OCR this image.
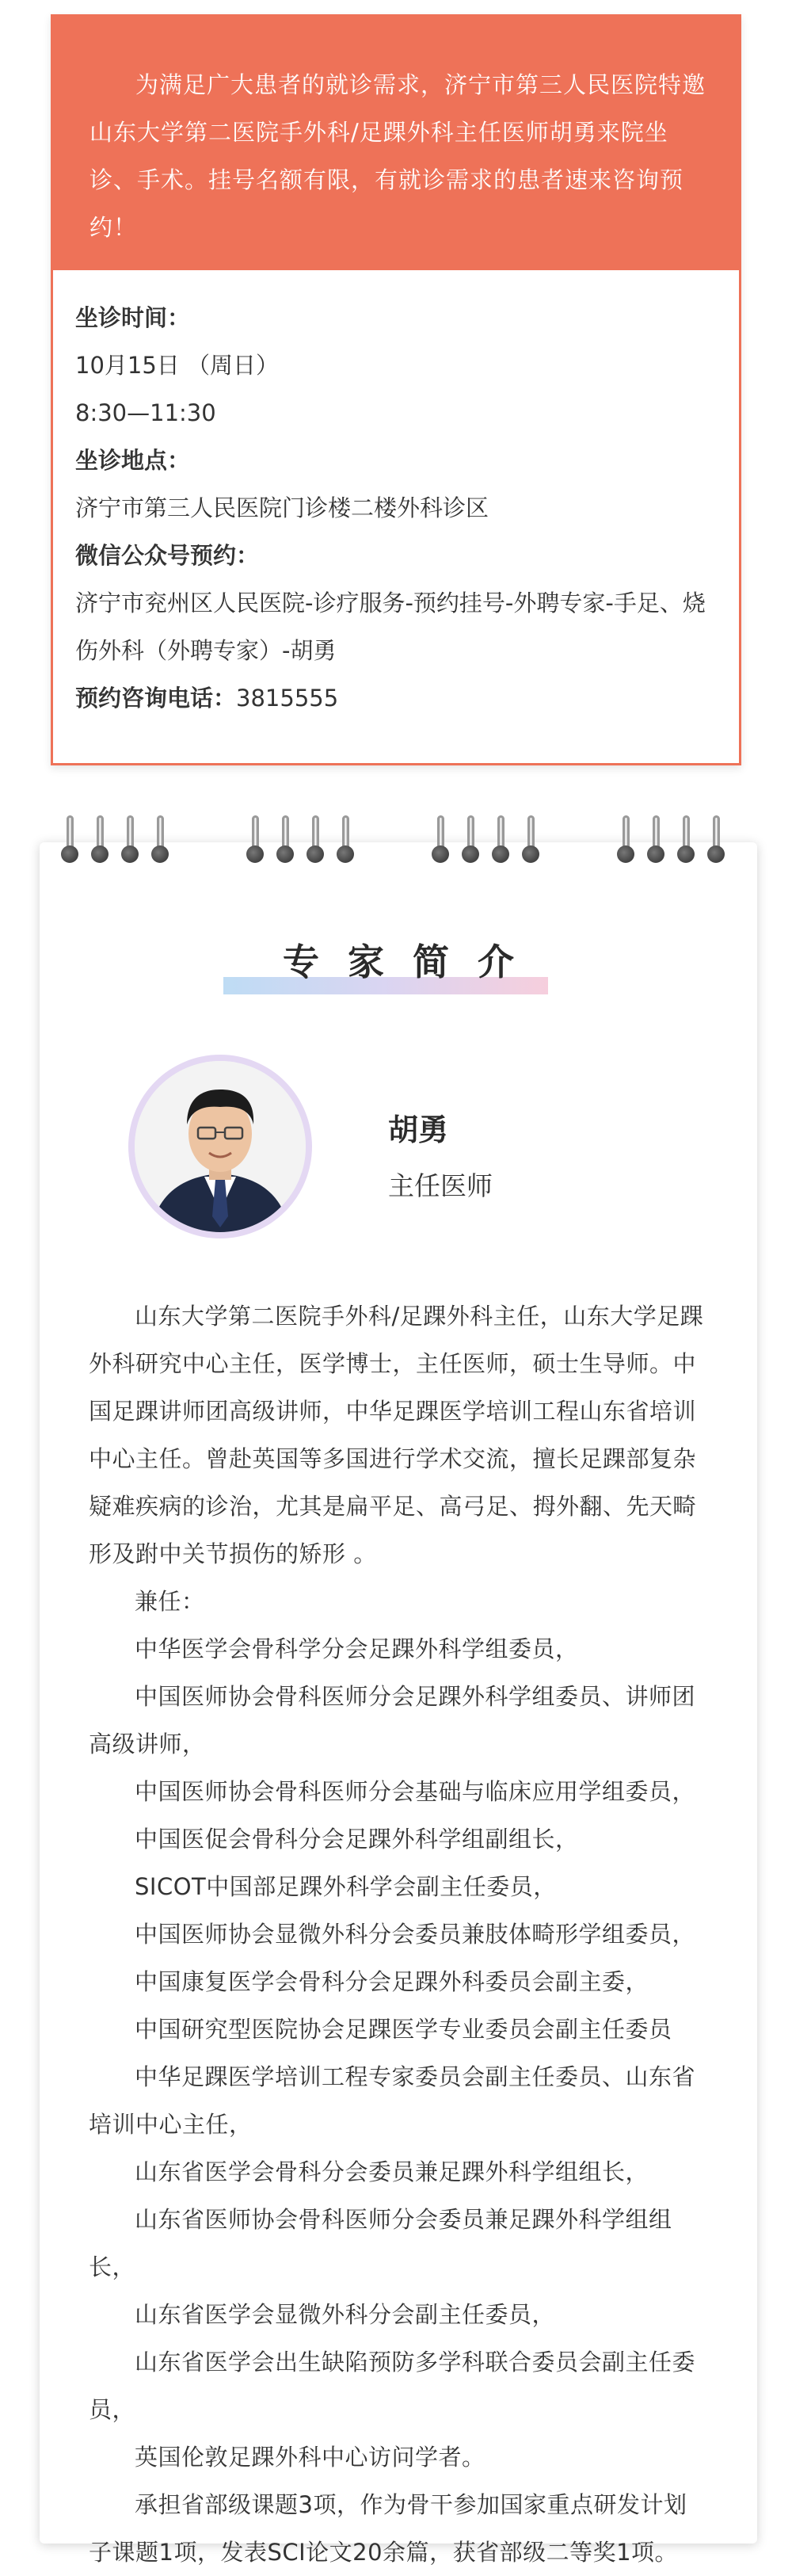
为满足广大患者的就诊需求，济宁市第三人民医院特邀山东大学第二医院手外科/足踝外科主任医师胡勇来院坐诊、手术。挂号名额有限，有就诊需求的患者速来咨询预约！
坐诊时间：
10月15日 （周日）
8:30—11:30
坐诊地点：
济宁市第三人民医院门诊楼二楼外科诊区
微信公众号预约：
济宁市兖州区人民医院-诊疗服务-预约挂号-外聘专家-手足、烧伤外科（外聘专家）-胡勇
预约咨询电话：3815555
专家简介
胡勇
主任医师

山东大学第二医院手外科/足踝外科主任，山东大学足踝外科研究中心主任，医学博士，主任医师，硕士生导师。中国足踝讲师团高级讲师，中华足踝医学培训工程山东省培训中心主任。曾赴英国等多国进行学术交流，擅长足踝部复杂疑难疾病的诊治，尤其是扁平足、高弓足、拇外翻、先天畸形及跗中关节损伤的矫形 。

兼任：

中华医学会骨科学分会足踝外科学组委员，

中国医师协会骨科医师分会足踝外科学组委员、讲师团高级讲师，

中国医师协会骨科医师分会基础与临床应用学组委员，

中国医促会骨科分会足踝外科学组副组长，

SICOT中国部足踝外科学会副主任委员，

中国医师协会显微外科分会委员兼肢体畸形学组委员，

中国康复医学会骨科分会足踝外科委员会副主委，

中国研究型医院协会足踝医学专业委员会副主任委员

中华足踝医学培训工程专家委员会副主任委员、山东省培训中心主任，

山东省医学会骨科分会委员兼足踝外科学组组长，

山东省医师协会骨科医师分会委员兼足踝外科学组组长，

山东省医学会显微外科分会副主任委员，

山东省医学会出生缺陷预防多学科联合委员会副主任委员，

英国伦敦足踝外科中心访问学者。

承担省部级课题3项，作为骨干参加国家重点研发计划子课题1项，发表SCI论文20余篇，获省部级二等奖1项。
